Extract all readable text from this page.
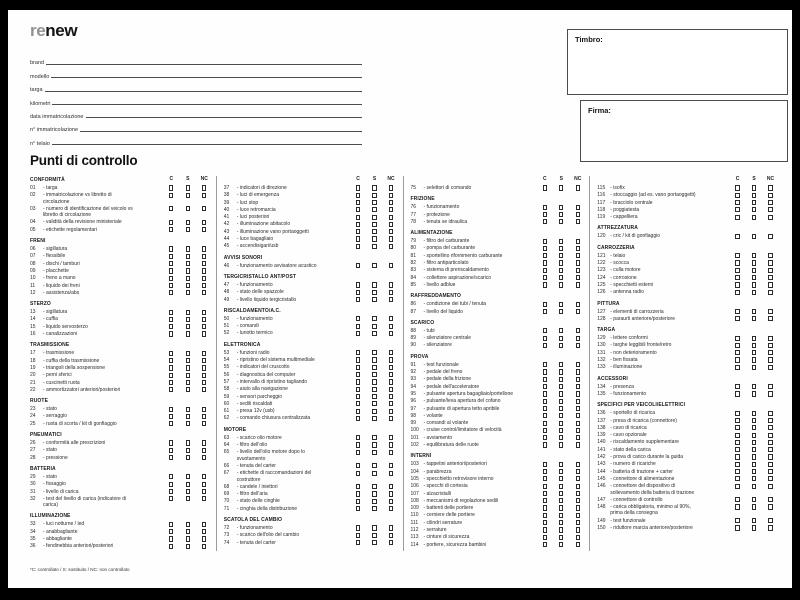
renew
brand
modello
targa
kilometri
data immatricolazione
n° immatricolazione
n° telaio
Timbro:
Firma:
Punti di controllo
C	S	NC
CONFORMITÀ
01	- targa
02	- immatricolazione vs libretto di circolazione
03	- numero di identificazione del veicolo vs libretto di circolazione
04	- validità della revisione ministeriale
05	- etichette regolamentari
FRENI
06	- sigillatura
07	- flessibile
08	- dischi / tamburi
09	- placchette
10	- freno a mano
11	- liquido dei freni
12	- assistenza/abs
STERZO
13	- sigillatura
14	- cuffia
15	- liquido servosterzo
16	- canalizzazioni
TRASMISSIONE
17	- trasmissione
18	- cuffia della trasmissione
19	- triangoli della sospensione
20	- perni sferici
21	- cuscinetti ruota
22	- ammortizzatori anteriori/posteriori
RUOTE
23	- stato
24	- serraggio
25	- ruota di scorta / kit di gonfiaggio
PNEUMATICI
26	- conformità alle prescrizioni
27	- stato
28	- pressione
BATTERIA
29	- stato
30	- fissaggio
31	- livello di carica
32	- test del livello di carica (indicatore di carica)
ILLUMINAZIONE
33	- luci notturne / led
34	- anabbagliante
35	- abbagliante
36	- fendinebbia anteriori/posteriori
C	S	NC
37	- indicatori di direzione
38	- luci di emergenza
39	- luci stop
40	- luce retromarcia
41	- luci posteriori
42	- illuminazione abitacolo
43	- illuminazione vano portaoggetti
44	- luce bagagliaio
45	- accendisigari/usb
AVVISI SONORI
46	- funzionamento avvisatore acustico
TERGICRISTALLO ANT/POST
47	- funzionamento
48	- stato delle spazzole
49	- livello liquido tergicristallo
RISCALDAMENTO/A.C.
50	- funzionamento
51	- comandi
52	- lunotto termico
ELETTRONICA
53	- funzioni radio
54	- ripristino del sistema multimediale
55	- indicatori del cruscotto
56	- diagnostica del computer
57	- intervallo di ripristino tagliando
58	- aiuto alla navigazione
59	- sensori parcheggio
60	- sedili riscaldati
61	- presa 12v (usb)
62	- comando chiusura centralizzata
MOTORE
63	- scarico olio motore
64	- filtro dell'olio
65	- livello dell'olio motore dopo lo svuotamento
66	- tenuta del carter
67	- etichette di raccomandazioni del costruttore
68	- candele / iniettori
69	- filtro dell'aria
70	- stato delle cinghie
71	- cinghia della distribuzione
SCATOLA DEL CAMBIO
72	- funzionamento
73	- scarico dell'olio del cambio
74	- tenuta del carter
C	S	NC
75	- selettori di comando
FRIZIONE
76	- funzionamento
77	- protezione
78	- tenuta se idraulica
ALIMENTAZIONE
79	- filtro del carburante
80	- pompa del carburante
81	- sportellino rifornimento carburante
82	- filtro antiparticolato
83	- sistema di preriscaldamento
84	- collettore aspirazione/scarico
85	- livello adblue
RAFFREDDAMENTO
86	- condizione dei tubi / tenuta
87	- livello del liquido
SCARICO
88	- tubi
89	- silenziatore centrale
90	- silenziatore
PROVA
91	- test funzionale
92	- pedale del freno
93	- pedale della frizione
94	- pedale dell'acceleratore
95	- pulsante apertura bagagliaio/portellone
96	- pulsante/leva apertura del cofano
97	- pulsante di apertura tetto apribile
98	- volante
99	- comandi al volante
100 - cruise control/limitatore di velocità
101 - avviamento
102 - equilibratura delle ruote
INTERNI
103 - tappetini anteriori/posteriori
104 - parabrezza
105 - specchietto retrovisore interno
106 - specchi di cortesia
107 - alzacristalli
108 - meccanismi di regolazione sedili
109 - battenti delle portiere
110	- cerniere delle portiere
111	- cilindri serrature
112	- serrature
113	- cinture di sicurezza
114	- portiere, sicurezza bambini
C	S	NC
115	- isofix
116	- stoccaggio (ad es. vano portaoggetti)
117	- bracciolo centrale
118	- poggiatesta
119	- cappelliera
ATTREZZATURA
120 - cric / kit di gonfiaggio
CARROZZERIA
121 - telaio
122 - scocca
123 - culla motore
124 - corrosione
125 - specchietti esterni
126 - antenna radio
PITTURA
127 - elementi di carrozzeria
128 - paraurti anteriore/posteriore
TARGA
129 - lettere conformi
130 - targhe leggibili fronte/retro
131 - non deterioramento
132 - ben fissata
133 - illuminazione
ACCESSORI
134 - presenza
135 - funzionamento
SPECIFICI PER VEICOLI/ELETTRICI
136 - sportello di ricarica
137 - presa di ricarica (connettore)
138 - cavo di ricarica
139 - cavo opzionale
140 - riscaldamento supplementare
141 - stato della carica
142 - prova di carico durante la guida
143 - numero di ricariche
144 - batteria di trazione + carter
145 - connettore di alimentazione
146 - connettore del dispositivo di sollevamento della batteria di trazione
147 - connettore di controllo
148 - carica obbligatoria, minimo al 90%, prima della consegna
149 - test funzionale
150 - riduttore marcia anteriore/posteriore
*C: controllato / S: sostituito / NC: non controllato
